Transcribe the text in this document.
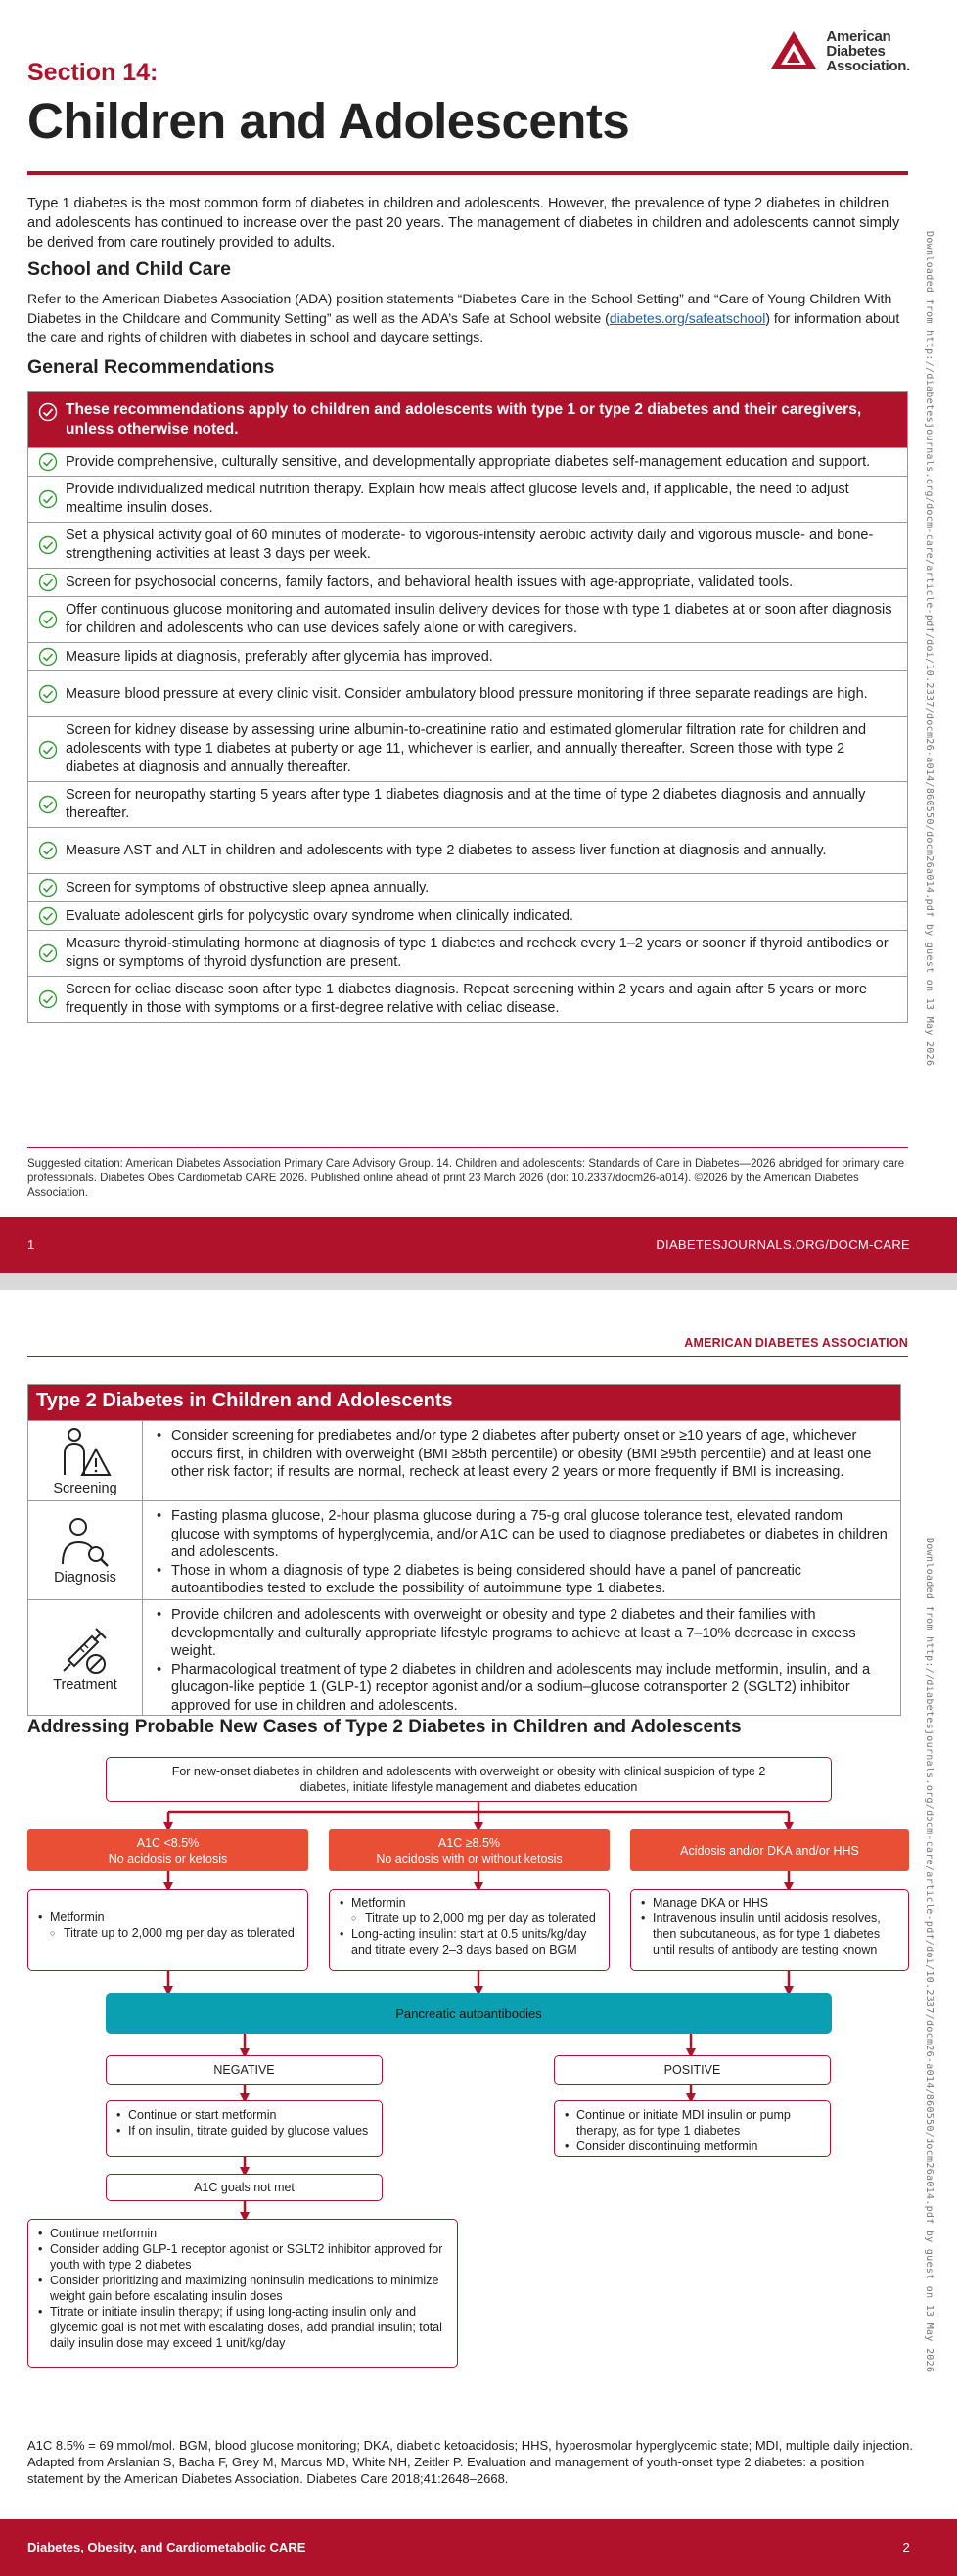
American
Diabetes
Association.
Section 14:
Children and Adolescents

Type 1 diabetes is the most common form of diabetes in children and adolescents. However, the prevalence of type 2 diabetes in children and adolescents has continued to increase over the past 20 years. The management of diabetes in children and adolescents cannot simply be derived from care routinely provided to adults.

School and Child Care

Refer to the American Diabetes Association (ADA) position statements “Diabetes Care in the School Setting” and “Care of Young Children With Diabetes in the Childcare and Community Setting” as well as the ADA’s Safe at School website (diabetes.org/safeatschool) for information about the care and rights of children with diabetes in school and daycare settings.

General Recommendations
These recommendations apply to children and adolescents with type 1 or type 2 diabetes and their caregivers, unless otherwise noted.
Provide comprehensive, culturally sensitive, and developmentally appropriate diabetes self-management education and support.
Provide individualized medical nutrition therapy. Explain how meals affect glucose levels and, if applicable, the need to adjust mealtime insulin doses.
Set a physical activity goal of 60 minutes of moderate- to vigorous-intensity aerobic activity daily and vigorous muscle- and bone-strengthening activities at least 3 days per week.
Screen for psychosocial concerns, family factors, and behavioral health issues with age-appropriate, validated tools.
Offer continuous glucose monitoring and automated insulin delivery devices for those with type 1 diabetes at or soon after diagnosis for children and adolescents who can use devices safely alone or with caregivers.
Measure lipids at diagnosis, preferably after glycemia has improved.
Measure blood pressure at every clinic visit. Consider ambulatory blood pressure monitoring if three separate readings are high.
Screen for kidney disease by assessing urine albumin-to-creatinine ratio and estimated glomerular filtration rate for children and adolescents with type 1 diabetes at puberty or age 11, whichever is earlier, and annually thereafter. Screen those with type 2 diabetes at diagnosis and annually thereafter.
Screen for neuropathy starting 5 years after type 1 diabetes diagnosis and at the time of type 2 diabetes diagnosis and annually thereafter.
Measure AST and ALT in children and adolescents with type 2 diabetes to assess liver function at diagnosis and annually.
Screen for symptoms of obstructive sleep apnea annually.
Evaluate adolescent girls for polycystic ovary syndrome when clinically indicated.
Measure thyroid-stimulating hormone at diagnosis of type 1 diabetes and recheck every 1–2 years or sooner if thyroid antibodies or signs or symptoms of thyroid dysfunction are present.
Screen for celiac disease soon after type 1 diabetes diagnosis. Repeat screening within 2 years and again after 5 years or more frequently in those with symptoms or a first-degree relative with celiac disease.

Suggested citation: American Diabetes Association Primary Care Advisory Group. 14. Children and adolescents: Standards of Care in Diabetes—2026 abridged for primary care professionals. Diabetes Obes Cardiometab CARE 2026. Published online ahead of print 23 March 2026 (doi: 10.2337/docm26-a014). ©2026 by the American Diabetes Association.

1	DIABETESJOURNALS.ORG/DOCM-CARE
Downloaded from http://diabetesjournals.org/docm-care/article-pdf/doi/10.2337/docm26-a014/860550/docm26a014.pdf by guest on 13 May 2026
AMERICAN DIABETES ASSOCIATION
Type 2 Diabetes in Children and Adolescents
Screening
• Consider screening for prediabetes and/or type 2 diabetes after puberty onset or ≥10 years of age, whichever occurs first, in children with overweight (BMI ≥85th percentile) or obesity (BMI ≥95th percentile) and at least one other risk factor; if results are normal, recheck at least every 2 years or more frequently if BMI is increasing.
Diagnosis
• Fasting plasma glucose, 2-hour plasma glucose during a 75-g oral glucose tolerance test, elevated random glucose with symptoms of hyperglycemia, and/or A1C can be used to diagnose prediabetes or diabetes in children and adolescents.
• Those in whom a diagnosis of type 2 diabetes is being considered should have a panel of pancreatic autoantibodies tested to exclude the possibility of autoimmune type 1 diabetes.
Treatment
• Provide children and adolescents with overweight or obesity and type 2 diabetes and their families with developmentally and culturally appropriate lifestyle programs to achieve at least a 7–10% decrease in excess weight.
• Pharmacological treatment of type 2 diabetes in children and adolescents may include metformin, insulin, and a glucagon-like peptide 1 (GLP-1) receptor agonist and/or a sodium–glucose cotransporter 2 (SGLT2) inhibitor approved for use in children and adolescents.
Addressing Probable New Cases of Type 2 Diabetes in Children and Adolescents
For new-onset diabetes in children and adolescents with overweight or obesity with clinical suspicion of type 2 diabetes, initiate lifestyle management and diabetes education
A1C <8.5%
No acidosis or ketosis
A1C ≥8.5%
No acidosis with or without ketosis
Acidosis and/or DKA and/or HHS
• Metformin
○ Titrate up to 2,000 mg per day as tolerated
• Metformin
○ Titrate up to 2,000 mg per day as tolerated
• Long-acting insulin: start at 0.5 units/kg/day and titrate every 2–3 days based on BGM
• Manage DKA or HHS
• Intravenous insulin until acidosis resolves, then subcutaneous, as for type 1 diabetes until results of antibody are testing known
Pancreatic autoantibodies
NEGATIVE	POSITIVE
• Continue or start metformin
• If on insulin, titrate guided by glucose values
• Continue or initiate MDI insulin or pump therapy, as for type 1 diabetes
• Consider discontinuing metformin
A1C goals not met
• Continue metformin
• Consider adding GLP-1 receptor agonist or SGLT2 inhibitor approved for youth with type 2 diabetes
• Consider prioritizing and maximizing noninsulin medications to minimize weight gain before escalating insulin doses
• Titrate or initiate insulin therapy; if using long-acting insulin only and glycemic goal is not met with escalating doses, add prandial insulin; total daily insulin dose may exceed 1 unit/kg/day

A1C 8.5% = 69 mmol/mol. BGM, blood glucose monitoring; DKA, diabetic ketoacidosis; HHS, hyperosmolar hyperglycemic state; MDI, multiple daily injection. Adapted from Arslanian S, Bacha F, Grey M, Marcus MD, White NH, Zeitler P. Evaluation and management of youth-onset type 2 diabetes: a position statement by the American Diabetes Association. Diabetes Care 2018;41:2648–2668.

Diabetes, Obesity, and Cardiometabolic CARE	2
Downloaded from http://diabetesjournals.org/docm-care/article-pdf/doi/10.2337/docm26-a014/860550/docm26a014.pdf by guest on 13 May 2026
